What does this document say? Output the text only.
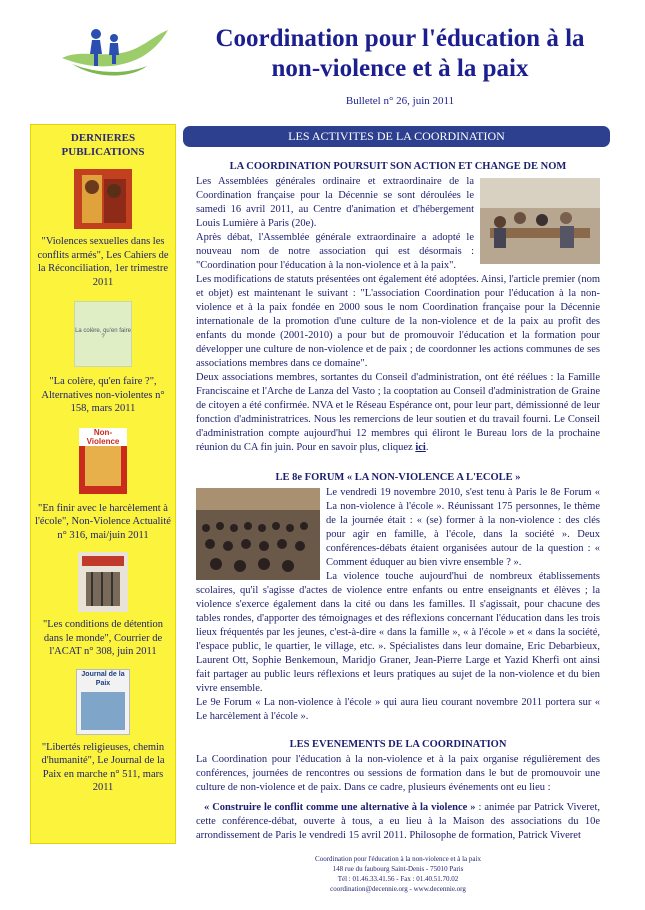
Coordination pour l'éducation à la
non-violence et à la paix
Bulletel n° 26, juin 2011
DERNIERES
PUBLICATIONS
"Violences sexuelles dans les conflits armés", Les Cahiers de la Réconciliation, 1er trimestre 2011
La colère, qu'en faire ?
"La colère, qu'en faire ?", Alternatives non-violentes n° 158, mars 2011
Non-Violence
"En finir avec le harcèlement à l'école", Non-Violence Actualité n° 316, mai/juin 2011
"Les conditions de détention dans le monde", Courrier de l'ACAT n° 308, juin 2011
Journal de la Paix
"Libertés religieuses, chemin d'humanité", Le Journal de la Paix en marche n° 511, mars 2011
LES ACTIVITES DE LA COORDINATION
LA COORDINATION POURSUIT SON ACTION ET CHANGE DE NOM

Les Assemblées générales ordinaire et extraordinaire de la Coordination française pour la Décennie se sont déroulées le samedi 16 avril 2011, au Centre d'animation et d'hébergement Louis Lumière à Paris (20e).

Après débat, l'Assemblée générale extraordinaire a adopté le nouveau nom de notre association qui est désormais : "Coordination pour l'éducation à la non-violence et à la paix".

Les modifications de statuts présentées ont également été adoptées. Ainsi, l'article premier (nom et objet) est maintenant le suivant : "L'association Coordination pour l'éducation à la non-violence et à la paix fondée en 2000 sous le nom Coordination française pour la Décennie internationale de la promotion d'une culture de la non-violence et de la paix au profit des enfants du monde (2001-2010) a pour but de promouvoir l'éducation et la formation pour développer une culture de non-violence et de paix ; de coordonner les actions communes de ses associations membres dans ce domaine".

Deux associations membres, sortantes du Conseil d'administration, ont été réélues : la Famille Franciscaine et l'Arche de Lanza del Vasto ; la cooptation au Conseil d'administration de Graine de citoyen a été confirmée. NVA et le Réseau Espérance ont, pour leur part, démissionné de leur fonction d'administratrices. Nous les remercions de leur soutien et du travail fourni. Le Conseil d'administration compte aujourd'hui 12 membres qui éliront le Bureau lors de la prochaine réunion du CA fin juin. Pour en savoir plus, cliquez ici.

LE 8e FORUM « LA NON-VIOLENCE A L'ECOLE »

Le vendredi 19 novembre 2010, s'est tenu à Paris le 8e Forum « La non-violence à l'école ». Réunissant 175 personnes, le thème de la journée était : « (se) former à la non-violence : des clés pour agir en famille, à l'école, dans la société ». Deux conférences-débats étaient organisées autour de la question : « Comment éduquer au bien vivre ensemble ? ».

La violence touche aujourd'hui de nombreux établissements scolaires, qu'il s'agisse d'actes de violence entre enfants ou entre enseignants et élèves ; la violence s'exerce également dans la cité ou dans les familles. Il s'agissait, pour chacune des tables rondes, d'apporter des témoignages et des réflexions concernant l'éducation dans les trois lieux fréquentés par les jeunes, c'est-à-dire « dans la famille », « à l'école » et « dans la société, l'espace public, le quartier, le village, etc. ». Spécialistes dans leur domaine, Eric Debarbieux, Laurent Ott, Sophie Benkemoun, Maridjo Graner, Jean-Pierre Large et Yazid Kherfi ont ainsi fait partager au public leurs réflexions et leurs pratiques au sujet de la non-violence et du bien vivre ensemble.

Le 9e Forum « La non-violence à l'école » qui aura lieu courant novembre 2011 portera sur « Le harcèlement à l'école ».

LES EVENEMENTS DE LA COORDINATION

La Coordination pour l'éducation à la non-violence et à la paix organise régulièrement des conférences, journées de rencontres ou sessions de formation dans le but de promouvoir une culture de non-violence et de paix. Dans ce cadre, plusieurs événements ont eu lieu :

« Construire le conflit comme une alternative à la violence » : animée par Patrick Viveret, cette conférence-débat, ouverte à tous, a eu lieu à la Maison des associations du 10e arrondissement de Paris le vendredi 15 avril 2011. Philosophe de formation, Patrick Viveret

Coordination pour l'éducation à la non-violence et à la paix
148 rue du faubourg Saint-Denis - 75010 Paris
Tél : 01.46.33.41.56 - Fax : 01.40.51.70.02
coordination@decennie.org - www.decennie.org
